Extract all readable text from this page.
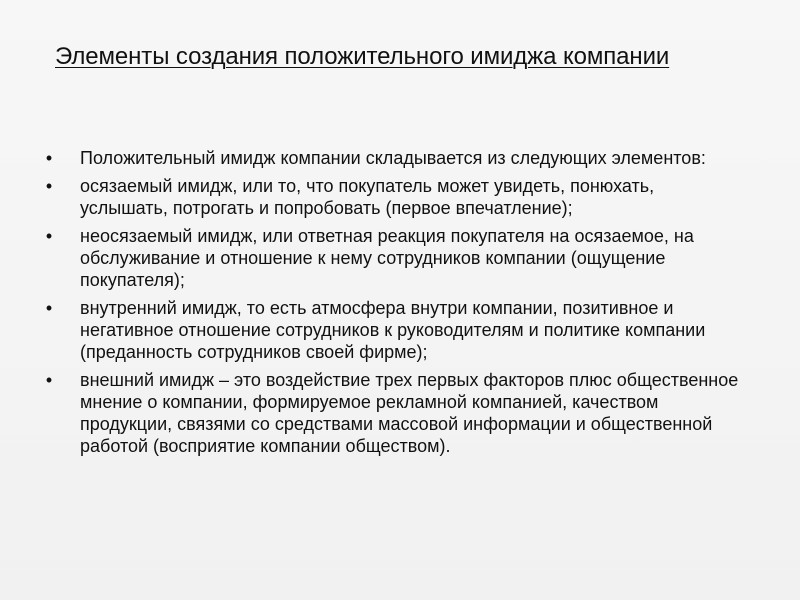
Элементы создания положительного имиджа компании
• Положительный имидж компании складывается из следующих элементов:
• осязаемый имидж, или то, что покупатель может увидеть, понюхать, услышать, потрогать и попробовать (первое впечатление);
• неосязаемый имидж, или ответная реакция покупателя на осязаемое, на обслуживание и отношение к нему сотрудников компании (ощущение покупателя);
• внутренний имидж, то есть атмосфера внутри компании, позитивное и негативное отношение сотрудников к руководителям и политике компании (преданность сотрудников своей фирме);
• внешний имидж – это воздействие трех первых факторов плюс общественное мнение о компании, формируемое рекламной компанией, качеством продукции, связями со средствами массовой информации и общественной работой (восприятие компании обществом).
